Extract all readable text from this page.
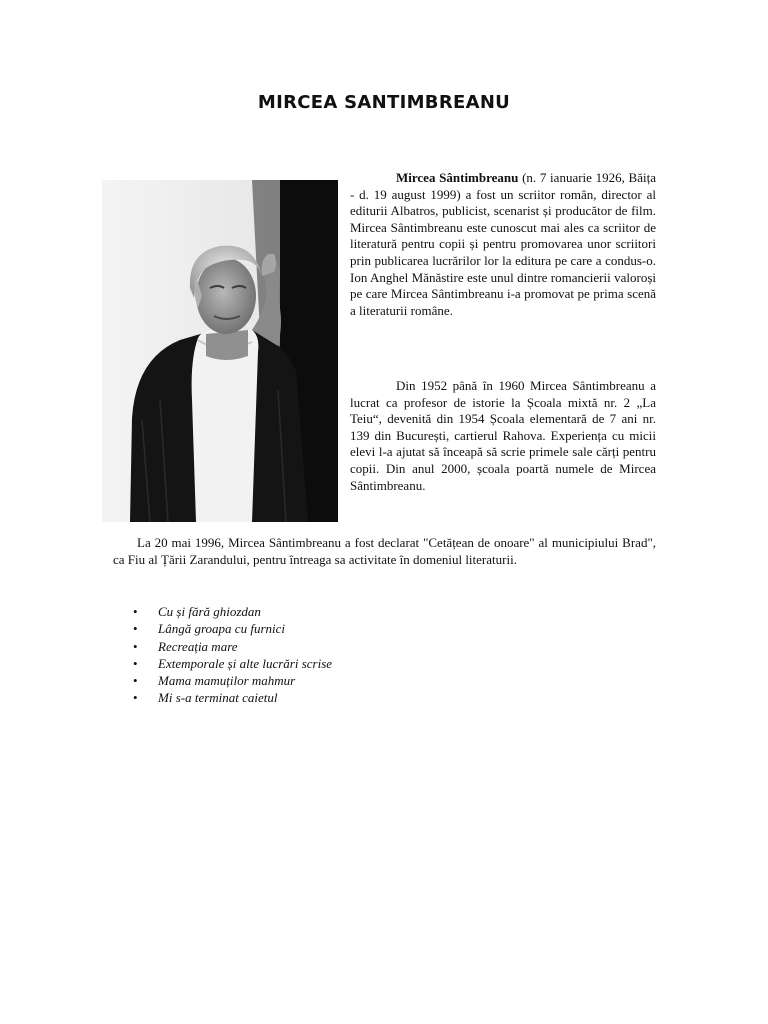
MIRCEA SANTIMBREANU

Mircea Sântimbreanu (n. 7 ianuarie 1926, Băița - d. 19 august 1999) a fost un scriitor român, director al editurii Albatros, publicist, scenarist și producător de film. Mircea Sântimbreanu este cunoscut mai ales ca scriitor de literatură pentru copii și pentru promovarea unor scriitori prin publicarea lucrărilor lor la editura pe care a condus-o. Ion Anghel Mănăstire este unul dintre romancierii valoroși pe care Mircea Sântimbreanu i-a promovat pe prima scenă a literaturii române.

Din 1952 până în 1960 Mircea Sântimbreanu a lucrat ca profesor de istorie la Școala mixtă nr. 2 „La Teiu“, devenită din 1954 Școala elementară de 7 ani nr. 139 din București, cartierul Rahova. Experiența cu micii elevi l-a ajutat să înceapă să scrie primele sale cărți pentru copii. Din anul 2000, școala poartă numele de Mircea Sântimbreanu.

La 20 mai 1996, Mircea Sântimbreanu a fost declarat "Cetățean de onoare" al municipiului Brad", ca Fiu al Țării Zarandului, pentru întreaga sa activitate în domeniul literaturii.

• Cu și fără ghiozdan
• Lângă groapa cu furnici
• Recreația mare
• Extemporale și alte lucrări scrise
• Mama mamuților mahmur
• Mi s-a terminat caietul
